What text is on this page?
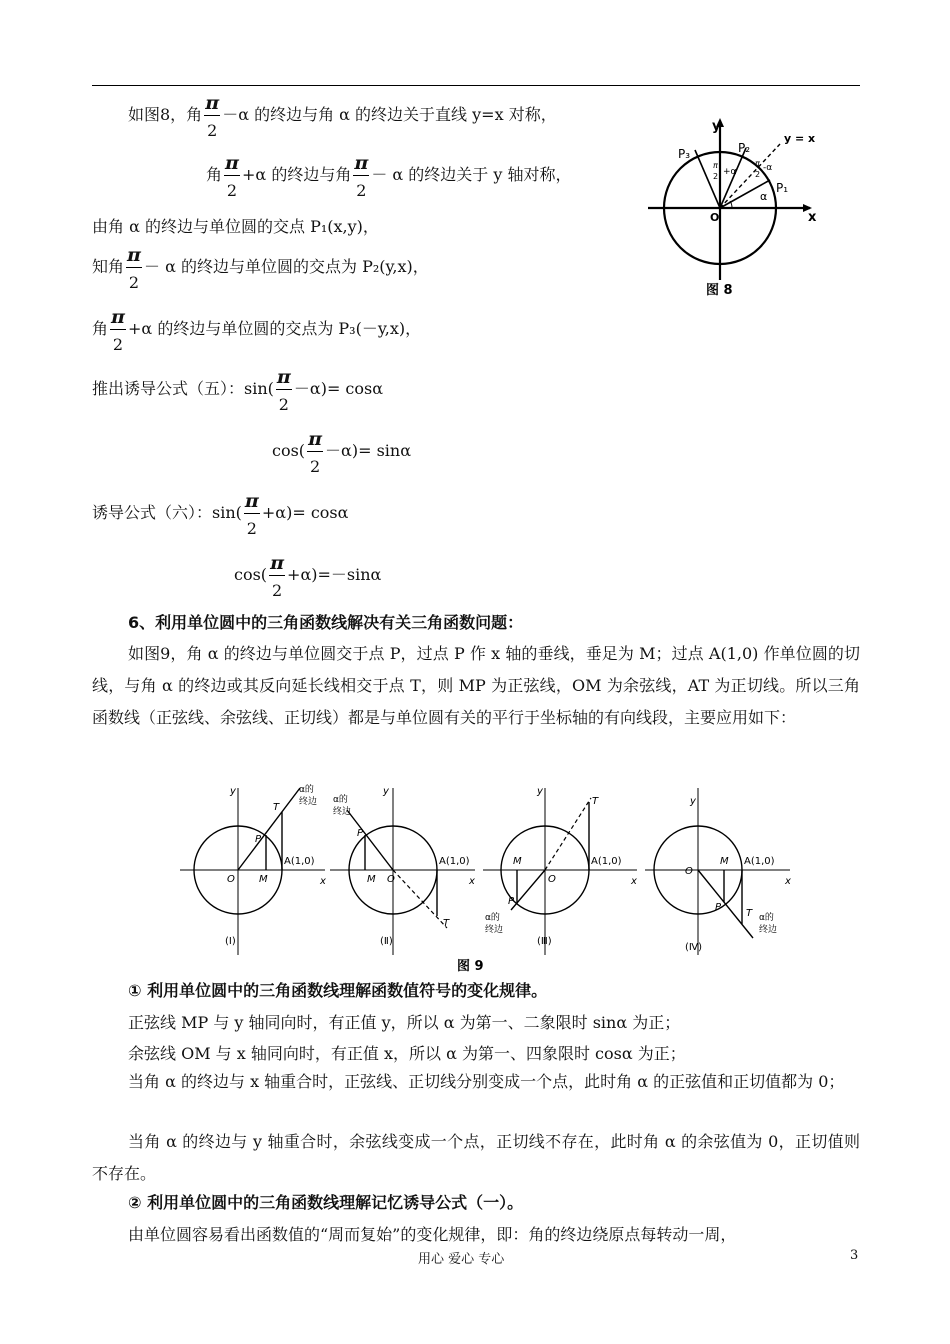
如图8，角 $\frac{\pi}{2} -\alpha$ 的终边与角 α 的终边关于直线 y=x 对称，
角 $\frac{\pi}{2} +\alpha$ 的终边与角 $\frac{\pi}{2} - \alpha$ 的终边关于 y 轴对称，
由角 α 的终边与单位圆的交点 P₁(x,y)，
知角 $\frac{\pi}{2} - \alpha$ 的终边与单位圆的交点为 P₂(y,x)，
角 $\frac{\pi}{2} +\alpha$ 的终边与单位圆的交点为 P₃(－y,x)，
推出诱导公式（五）：$\sin( \frac{\pi}{2} -\alpha)= \cos\alpha$
$\cos( \frac{\pi}{2} -\alpha)= \sin\alpha$
诱导公式（六）：$\sin( \frac{\pi}{2} +\alpha)= \cos\alpha$
$\cos( \frac{\pi}{2} +\alpha)=-\sin\alpha$
y
x
O
y = x
P₁
P₂
P₃
α
π
2 +α
π
2
-α
图 8
6、利用单位圆中的三角函数线解决有关三角函数问题：
如图9，角 α 的终边与单位圆交于点 P，过点 P 作 x 轴的垂线，垂足为 M；过点 A(1,0) 作单位圆的切线，与角 α 的终边或其反向延长线相交于点 T，则 MP 为正弦线，OM 为余弦线，AT 为正切线。所以三角函数线（正弦线、余弦线、正切线）都是与单位圆有关的平行于坐标轴的有向线段，主要应用如下：
y
x
O M
P
T
A(1,0)
α的
终边
(Ⅰ)
y
x
O
M
P
T
A(1,0)
α的
终边
(Ⅱ)
y
x
O
M
P
T
A(1,0)
α的
终边
(Ⅲ)
y
x
O
M
P
T
A(1,0)
α的
终边
(Ⅳ)
图 9
① 利用单位圆中的三角函数线理解函数值符号的变化规律。
正弦线 MP 与 y 轴同向时，有正值 y，所以 α 为第一、二象限时 sinα 为正；
余弦线 OM 与 x 轴同向时，有正值 x，所以 α 为第一、四象限时 cosα 为正；
当角 α 的终边与 x 轴重合时，正弦线、正切线分别变成一个点，此时角 α 的正弦值和正切值都为 0；
当角 α 的终边与 y 轴重合时，余弦线变成一个点，正切线不存在，此时角 α 的余弦值为 0，正切值则不存在。
② 利用单位圆中的三角函数线理解记忆诱导公式（一）。
由单位圆容易看出函数值的“周而复始”的变化规律，即：角的终边绕原点每转动一周，
用心 爱心 专心	3
